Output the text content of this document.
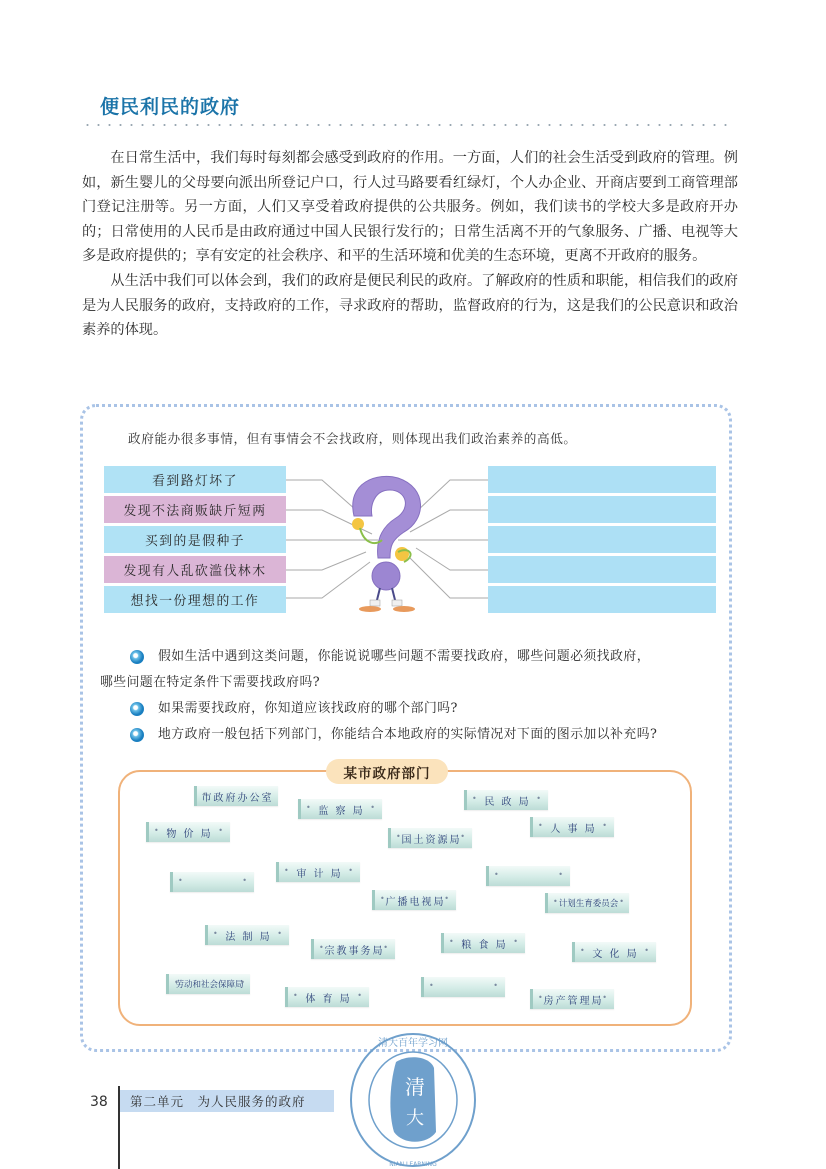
便民利民的政府

在日常生活中，我们每时每刻都会感受到政府的作用。一方面，人们的社会生活受到政府的管理。例如，新生婴儿的父母要向派出所登记户口，行人过马路要看红绿灯，个人办企业、开商店要到工商管理部门登记注册等。另一方面，人们又享受着政府提供的公共服务。例如，我们读书的学校大多是政府开办的；日常使用的人民币是由政府通过中国人民银行发行的；日常生活离不开的气象服务、广播、电视等大多是政府提供的；享有安定的社会秩序、和平的生活环境和优美的生态环境，更离不开政府的服务。

从生活中我们可以体会到，我们的政府是便民利民的政府。了解政府的性质和职能，相信我们的政府是为人民服务的政府，支持政府的工作，寻求政府的帮助，监督政府的行为，这是我们的公民意识和政治素养的体现。

政府能办很多事情，但有事情会不会找政府，则体现出我们政治素养的高低。
看到路灯坏了
发现不法商贩缺斤短两
买到的是假种子
发现有人乱砍滥伐林木
想找一份理想的工作
假如生活中遇到这类问题，你能说说哪些问题不需要找政府，哪些问题必须找政府，
哪些问题在特定条件下需要找政府吗?
如果需要找政府，你知道应该找政府的哪个部门吗?
地方政府一般包括下列部门，你能结合本地政府的实际情况对下面的图示加以补充吗?
某市政府部门
• 市政府办公室 •
• 监 察 局 •
• 民 政 局 •
• 物 价 局 •
• 国土资源局 •
• 人 事 局 •
• •
• 审 计 局 •
• •
• 广播电视局 •	• 计划生育委员会 •
• 法 制 局 •
• 宗教事务局 •
• 粮 食 局 •
• 文 化 局 •
• 劳动和社会保障局 •
• 体 育 局 •
• •	• 房产管理局 •
38	第二单元　为人民服务的政府
清
大
清大百年学习网
NIAN LEARNING
